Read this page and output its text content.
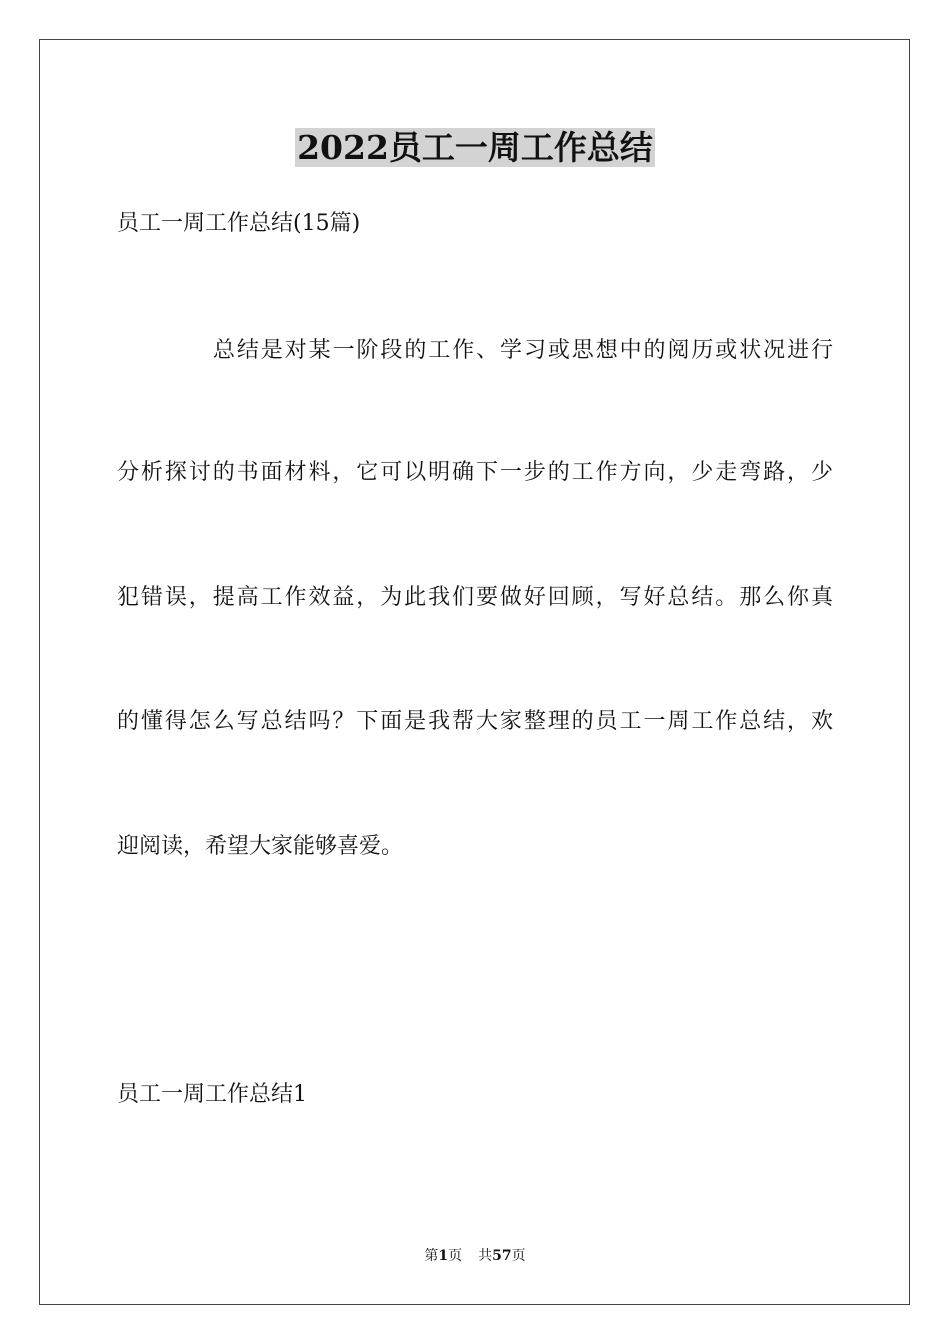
2022员工一周工作总结

员工一周工作总结(15篇)

总结是对某一阶段的工作、学习或思想中的阅历或状况进行

分析探讨的书面材料，它可以明确下一步的工作方向，少走弯路，少

犯错误，提高工作效益，为此我们要做好回顾，写好总结。那么你真

的懂得怎么写总结吗？下面是我帮大家整理的员工一周工作总结，欢

迎阅读，希望大家能够喜爱。

员工一周工作总结1

第1页 共57页
